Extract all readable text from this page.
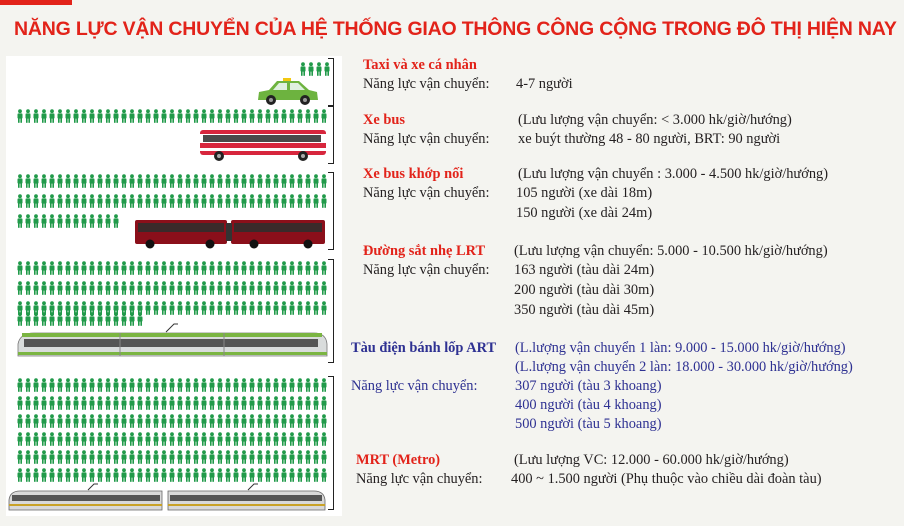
NĂNG LỰC VẬN CHUYỂN CỦA HỆ THỐNG GIAO THÔNG CÔNG CỘNG TRONG ĐÔ THỊ HIỆN NAY
Taxi và xe cá nhân
Năng lực vận chuyển: 4-7 người
Xe bus	(Lưu lượng vận chuyển: < 3.000 hk/giờ/hướng)
Năng lực vận chuyển: xe buýt thường 48 - 80 người, BRT: 90 người
Xe bus khớp nối	(Lưu lượng vận chuyển : 3.000 - 4.500 hk/giờ/hướng)
Năng lực vận chuyển: 105 người (xe dài 18m)
150 người (xe dài 24m)
Đường sắt nhẹ LRT (Lưu lượng vận chuyển: 5.000 - 10.500 hk/giờ/hướng)
Năng lực vận chuyển: 163 người (tàu dài 24m)
200 người (tàu dài 30m)
350 người (tàu dài 45m)
Tàu điện bánh lốp ART (L.lượng vận chuyển 1 làn: 9.000 - 15.000 hk/giờ/hướng)
(L.lượng vận chuyển 2 làn: 18.000 - 30.000 hk/giờ/hướng)
Năng lực vận chuyển:	307 người (tàu 3 khoang)
400 người (tàu 4 khoang)
500 người (tàu 5 khoang)
MRT (Metro)	(Lưu lượng VC: 12.000 - 60.000 hk/giờ/hướng)
Năng lực vận chuyển: 400 ~ 1.500 người (Phụ thuộc vào chiều dài đoàn tàu)
